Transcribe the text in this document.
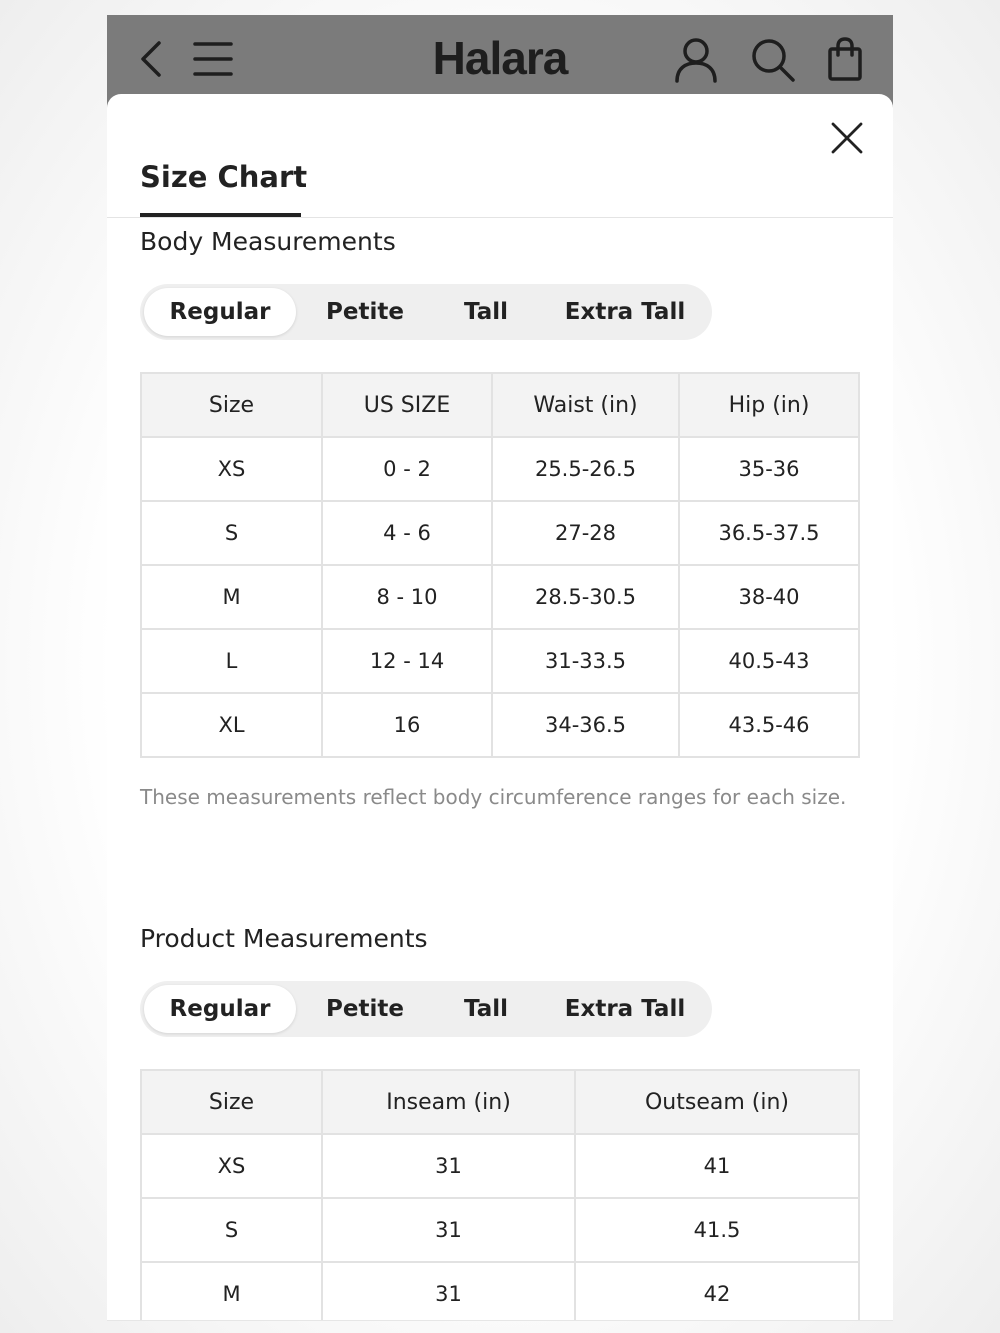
Halara
Size Chart
Body Measurements
Regular	Petite	Tall	Extra Tall
Size	US SIZE	Waist (in)	Hip (in)
XS	0 - 2	25.5-26.5	35-36
S	4 - 6	27-28	36.5-37.5
M	8 - 10	28.5-30.5	38-40
L	12 - 14	31-33.5	40.5-43
XL	16	34-36.5	43.5-46
These measurements reflect body circumference ranges for each size.
Product Measurements
Regular	Petite	Tall	Extra Tall
Size	Inseam (in)	Outseam (in)
XS	31	41
S	31	41.5
M	31	42
